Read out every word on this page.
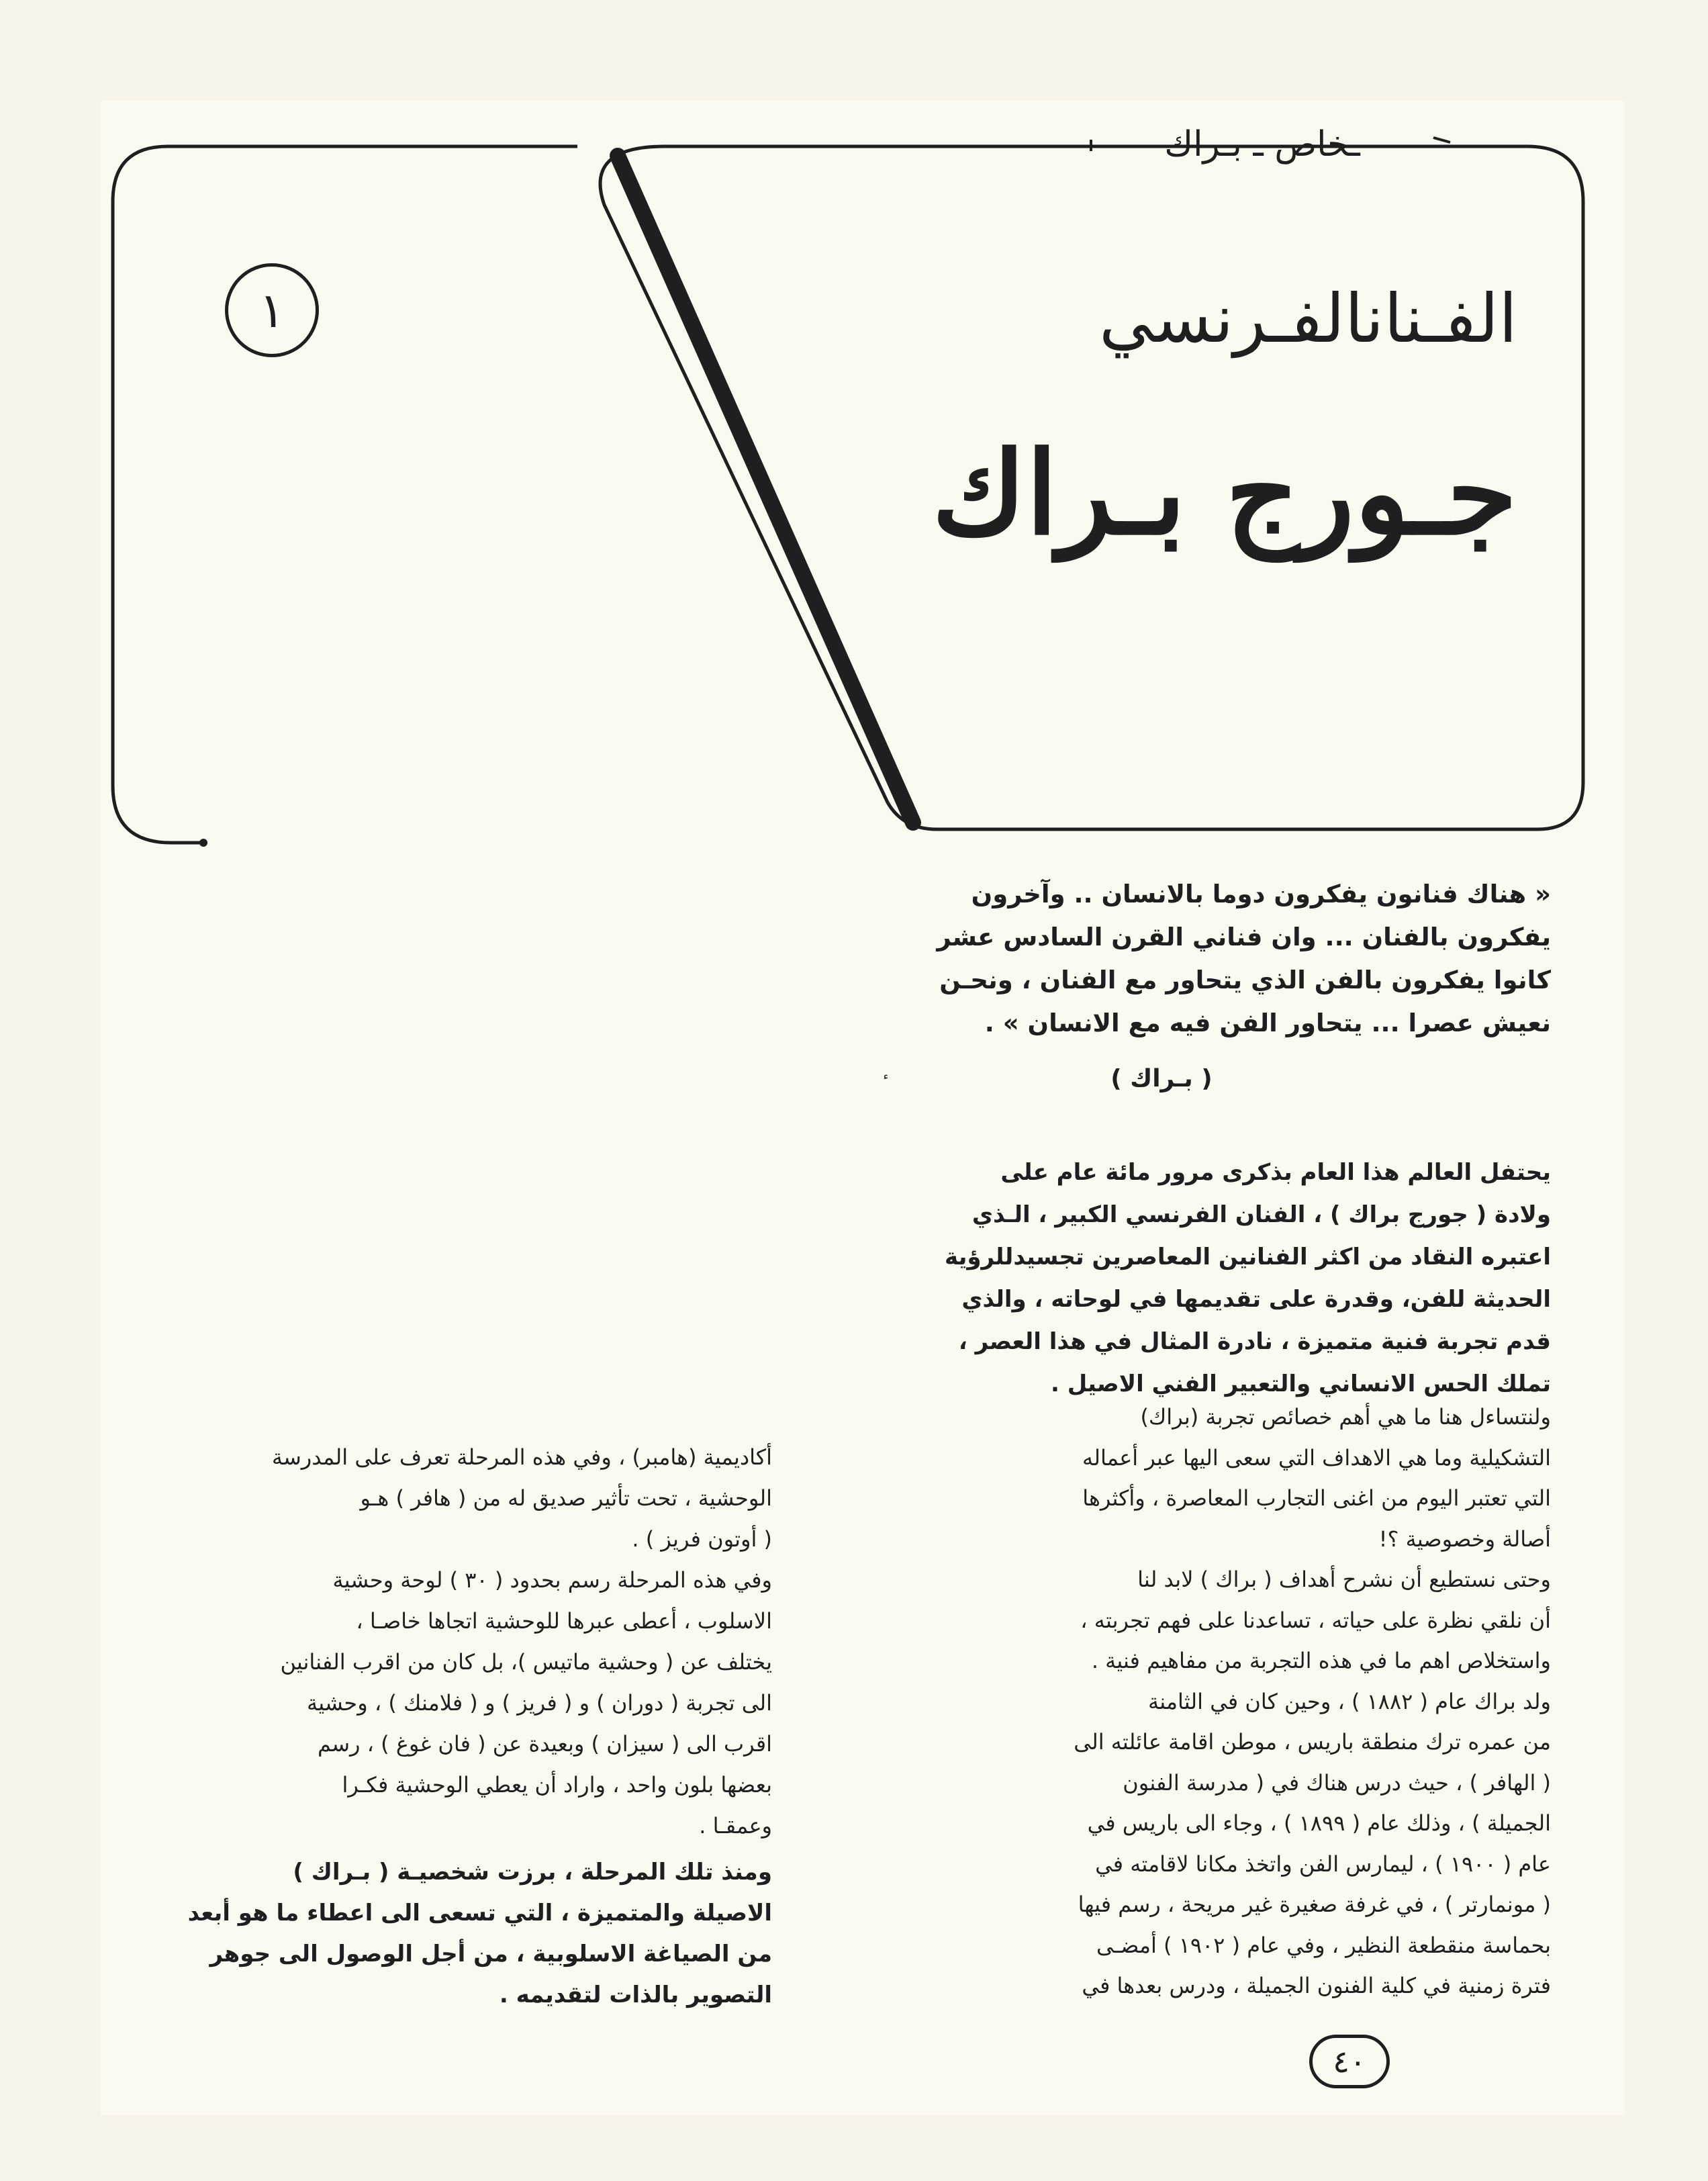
ـخاص ـ بـراك
١	الفـنانالفـرنسي
جـورج بـراك
« هناك فنانون يفكرون دوما بالانسان .. وآخرون
يفكرون بالفنان ... وان فناني القرن السادس عشر
كانوا يفكرون بالفن الذي يتحاور مع الفنان ، ونحـن
نعيش عصرا ... يتحاور الفن فيه مع الانسان » .
( بـراك )
يحتفل العالم هذا العام بذكرى مرور مائة عام على
ولادة ( جورج براك ) ، الفنان الفرنسي الكبير ، الـذي
اعتبره النقاد من اكثر الفنانين المعاصرين تجسيدللرؤية
الحديثة للفن، وقدرة على تقديمها في لوحاته ، والذي
قدم تجربة فنية متميزة ، نادرة المثال في هذا العصر ،
تملك الحس الانساني والتعبير الفني الاصيل .
ولنتساءل هنا ما هي أهم خصائص تجربة (براك)
التشكيلية وما هي الاهداف التي سعى اليها عبر أعماله
التي تعتبر اليوم من اغنى التجارب المعاصرة ، وأكثرها
أصالة وخصوصية ؟!
وحتى نستطيع أن نشرح أهداف ( براك ) لابد لنا
أن نلقي نظرة على حياته ، تساعدنا على فهم تجربته ،
واستخلاص اهم ما في هذه التجربة من مفاهيم فنية .
ولد براك عام ( ١٨٨٢ ) ، وحين كان في الثامنة
من عمره ترك منطقة باريس ، موطن اقامة عائلته الى
( الهافر ) ، حيث درس هناك في ( مدرسة الفنون
الجميلة ) ، وذلك عام ( ١٨٩٩ ) ، وجاء الى باريس في
عام ( ١٩٠٠ ) ، ليمارس الفن واتخذ مكانا لاقامته في
( مونمارتر ) ، في غرفة صغيرة غير مريحة ، رسم فيها
بحماسة منقطعة النظير ، وفي عام ( ١٩٠٢ ) أمضـى
فترة زمنية في كلية الفنون الجميلة ، ودرس بعدها في
أكاديمية (هامبر) ، وفي هذه المرحلة تعرف على المدرسة
الوحشية ، تحت تأثير صديق له من ( هافر ) هـو
( أوتون فريز ) .
وفي هذه المرحلة رسم بحدود ( ٣٠ ) لوحة وحشية
الاسلوب ، أعطى عبرها للوحشية اتجاها خاصـا ،
يختلف عن ( وحشية ماتيس )، بل كان من اقرب الفنانين
الى تجربة ( دوران ) و ( فريز ) و ( فلامنك ) ، وحشية
اقرب الى ( سيزان ) وبعيدة عن ( فان غوغ ) ، رسم
بعضها بلون واحد ، واراد أن يعطي الوحشية فكـرا
وعمقـا .
ومنذ تلك المرحلة ، برزت شخصيـة ( بـراك )
الاصيلة والمتميزة ، التي تسعى الى اعطاء ما هو أبعد
من الصياغة الاسلوبية ، من أجل الوصول الى جوهر
التصوير بالذات لتقديمه .
٤٠
